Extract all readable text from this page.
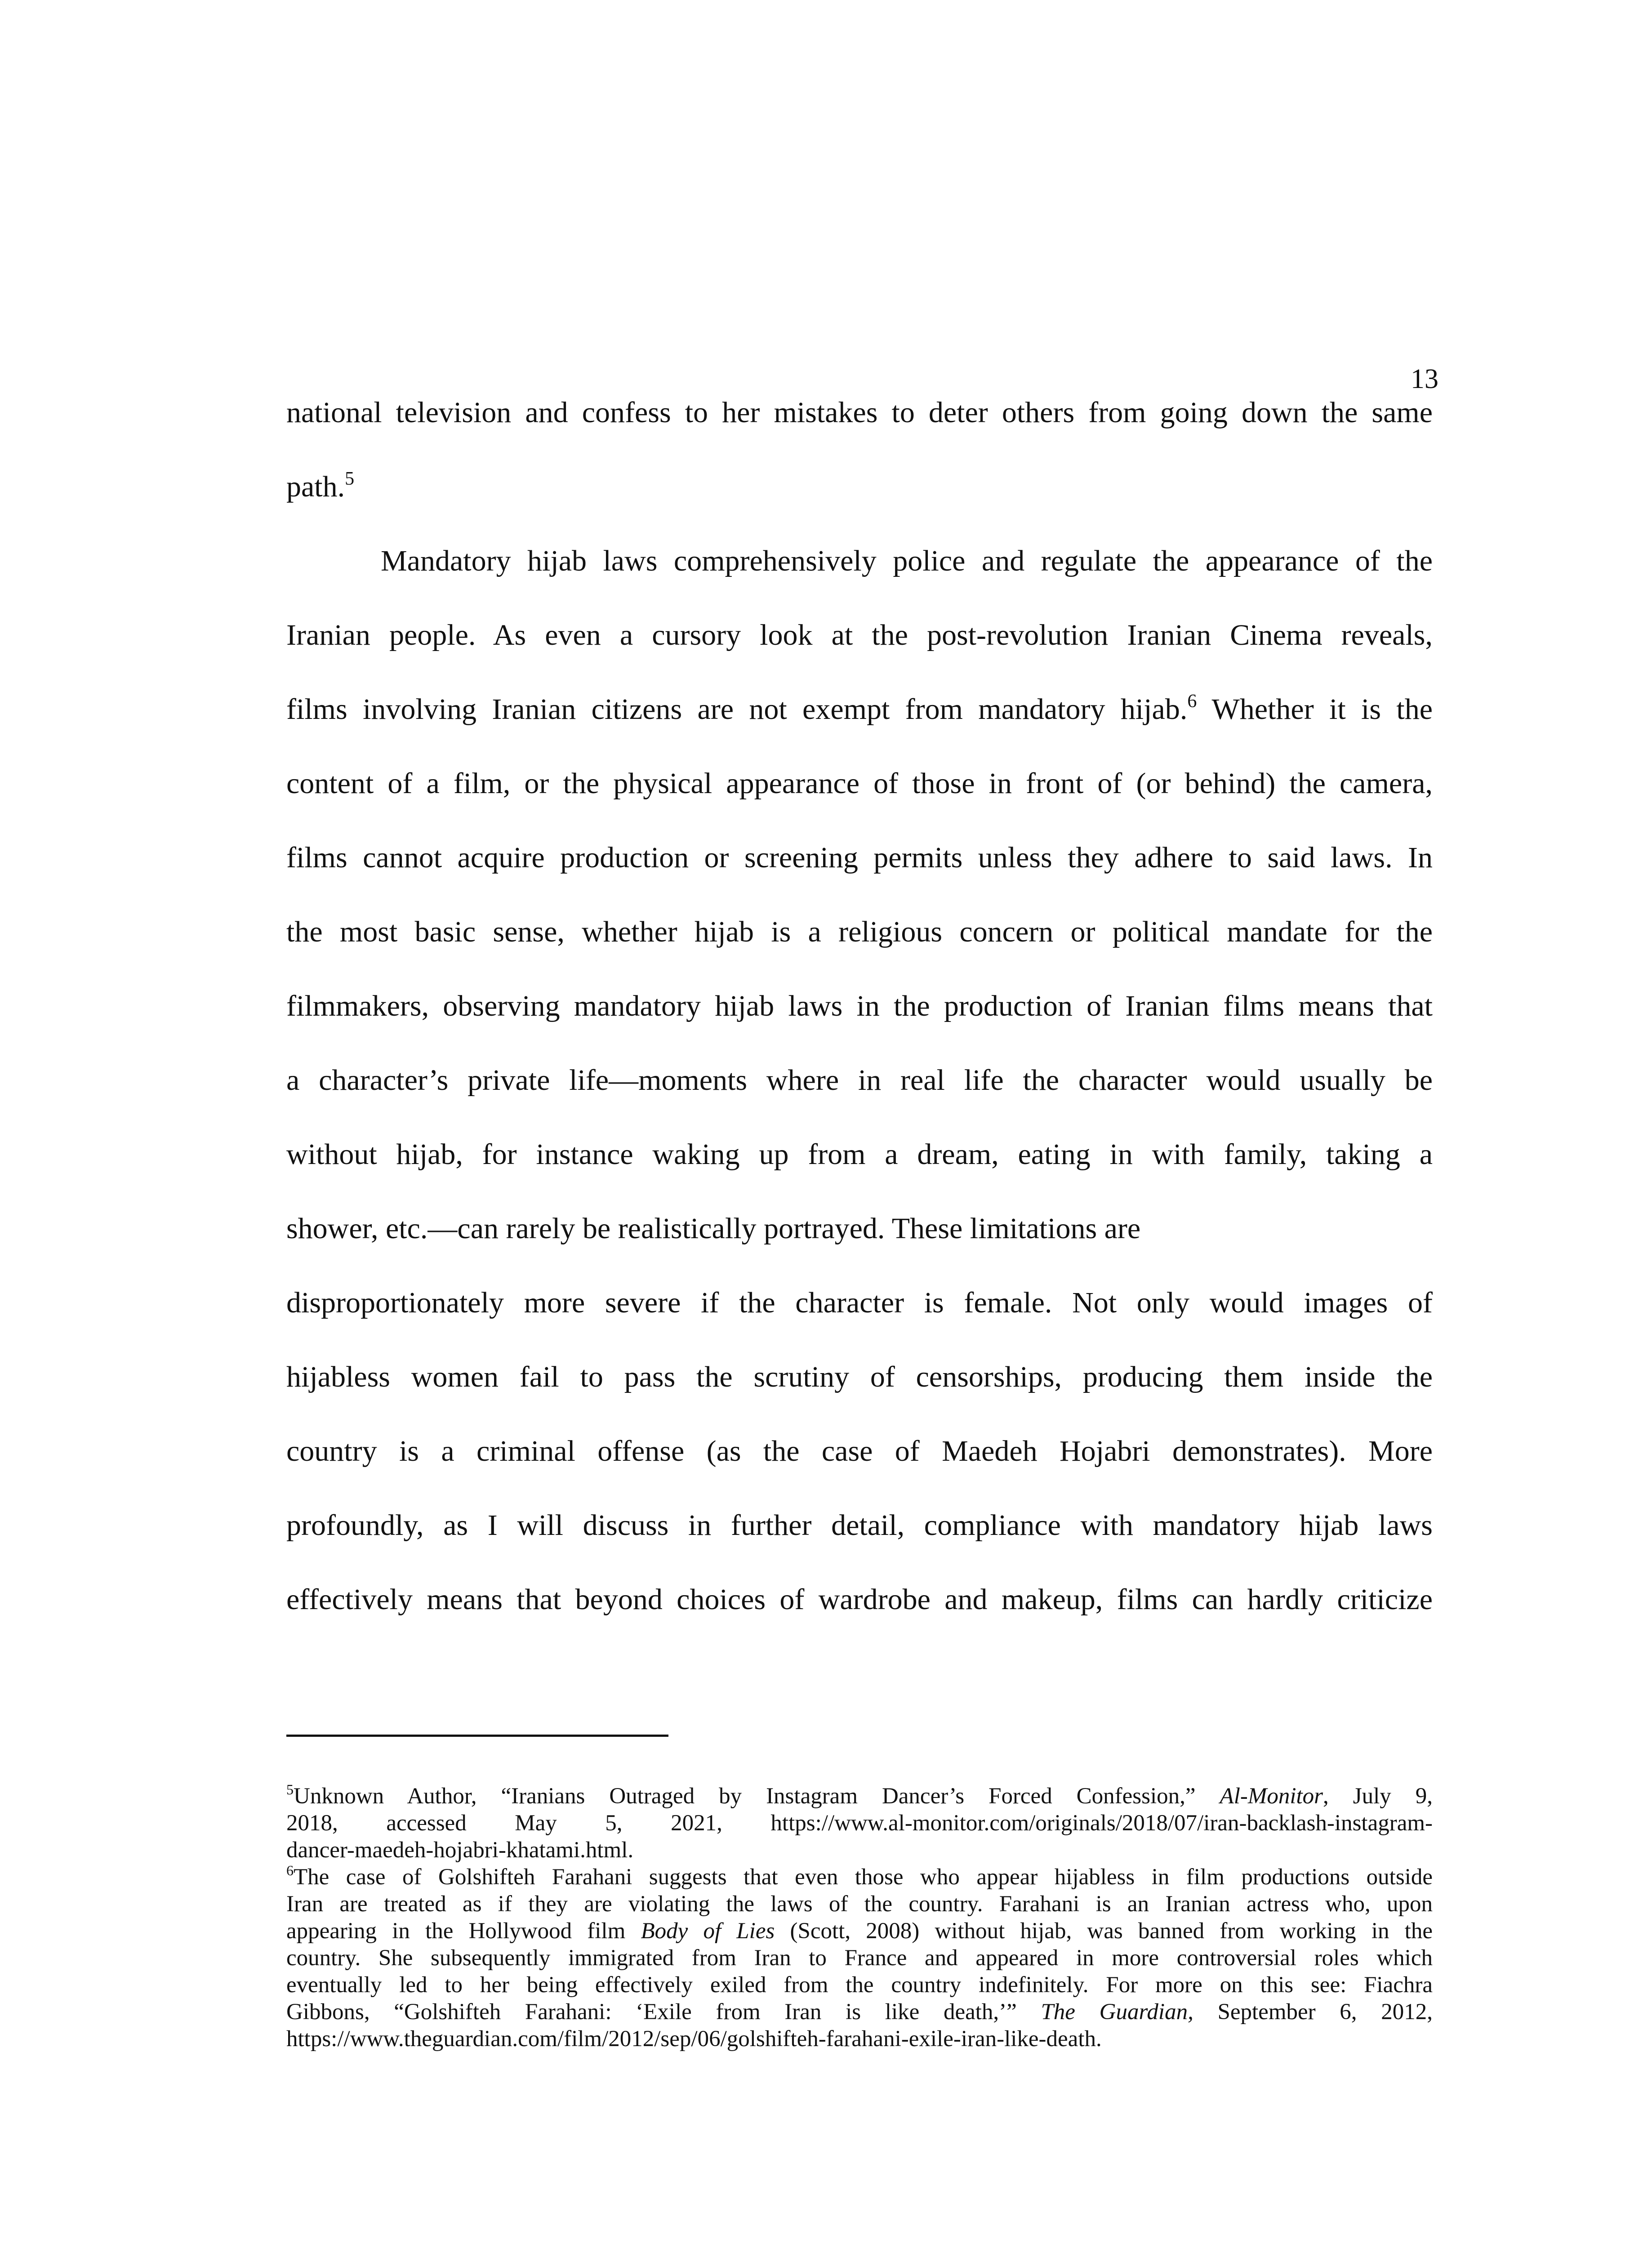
13
national television and confess to her mistakes to deter others from going down the same
path.$^5$
Mandatory hijab laws comprehensively police and regulate the appearance of the
Iranian people. As even a cursory look at the post-revolution Iranian Cinema reveals,
films involving Iranian citizens are not exempt from mandatory hijab.$^6$ Whether it is the
content of a film, or the physical appearance of those in front of (or behind) the camera,
films cannot acquire production or screening permits unless they adhere to said laws. In
the most basic sense, whether hijab is a religious concern or political mandate for the
filmmakers, observing mandatory hijab laws in the production of Iranian films means that
a character’s private life—moments where in real life the character would usually be
without hijab, for instance waking up from a dream, eating in with family, taking a
shower, etc.—can rarely be realistically portrayed. These limitations are
disproportionately more severe if the character is female. Not only would images of
hijabless women fail to pass the scrutiny of censorships, producing them inside the
country is a criminal offense (as the case of Maedeh Hojabri demonstrates). More
profoundly, as I will discuss in further detail, compliance with mandatory hijab laws
effectively means that beyond choices of wardrobe and makeup, films can hardly criticize
$^5$Unknown Author, “Iranians Outraged by Instagram Dancer’s Forced Confession,” Al-Monitor, July 9,
2018, accessed May 5, 2021, https://www.al-monitor.com/originals/2018/07/iran-backlash-instagram-
dancer-maedeh-hojabri-khatami.html.
$^6$The case of Golshifteh Farahani suggests that even those who appear hijabless in film productions outside
Iran are treated as if they are violating the laws of the country. Farahani is an Iranian actress who, upon
appearing in the Hollywood film Body of Lies (Scott, 2008) without hijab, was banned from working in the
country. She subsequently immigrated from Iran to France and appeared in more controversial roles which
eventually led to her being effectively exiled from the country indefinitely. For more on this see: Fiachra
Gibbons, “Golshifteh Farahani: ‘Exile from Iran is like death,’” The Guardian, September 6, 2012,
https://www.theguardian.com/film/2012/sep/06/golshifteh-farahani-exile-iran-like-death.
